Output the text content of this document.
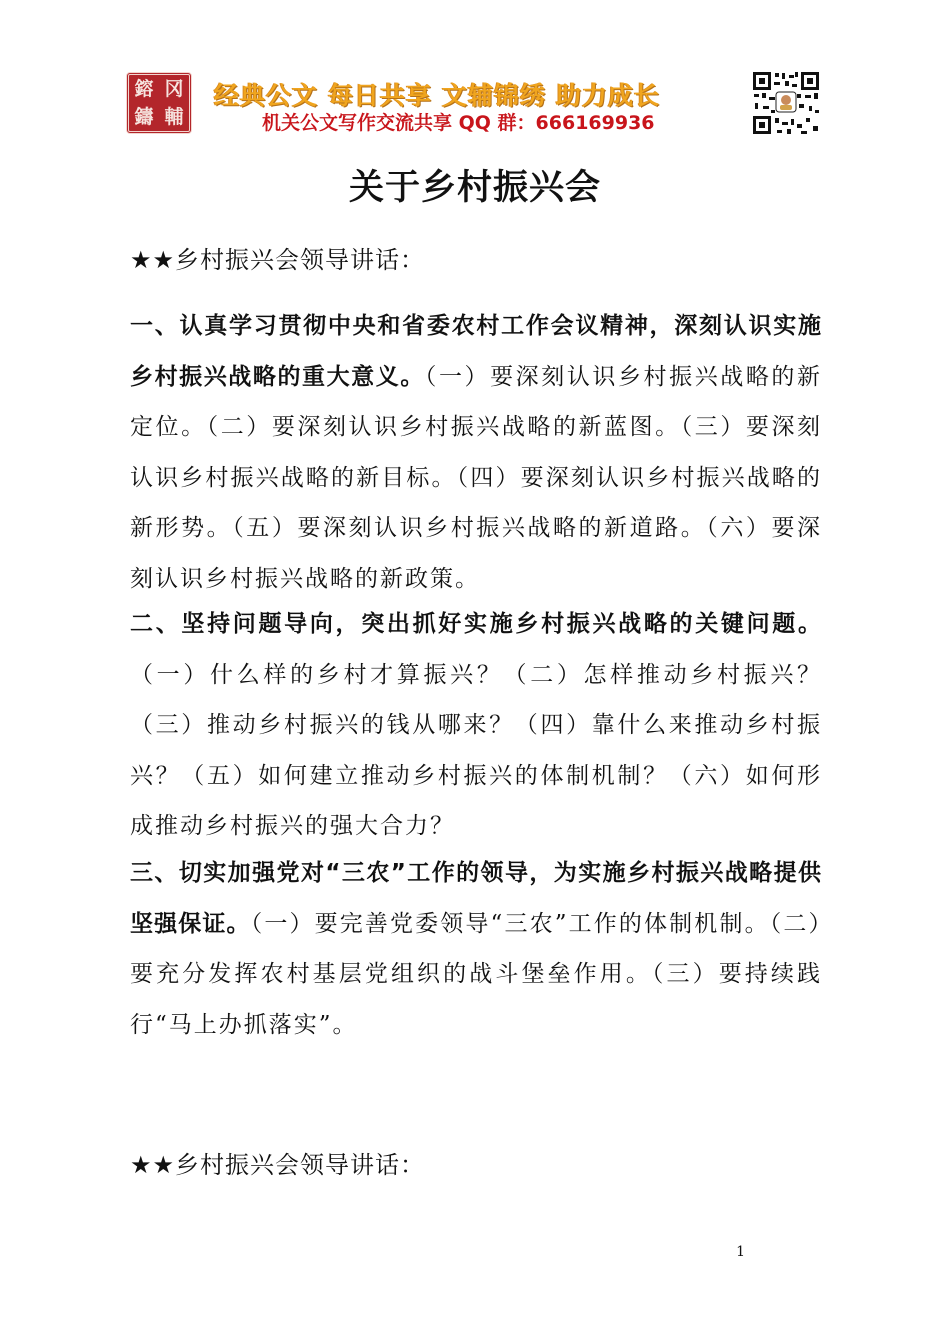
鎔 冈
鑄 輔
经典公文 每日共享 文辅锦绣 助力成长
机关公文写作交流共享 QQ 群：666169936
关于乡村振兴会
★★乡村振兴会领导讲话：
一、认真学习贯彻中央和省委农村工作会议精神，深刻认识实施乡村振兴战略的重大意义。（一）要深刻认识乡村振兴战略的新定位。（二）要深刻认识乡村振兴战略的新蓝图。（三）要深刻认识乡村振兴战略的新目标。（四）要深刻认识乡村振兴战略的新形势。（五）要深刻认识乡村振兴战略的新道路。（六）要深刻认识乡村振兴战略的新政策。
二、坚持问题导向，突出抓好实施乡村振兴战略的关键问题。（一）什么样的乡村才算振兴？（二）怎样推动乡村振兴？（三）推动乡村振兴的钱从哪来？（四）靠什么来推动乡村振兴？（五）如何建立推动乡村振兴的体制机制？（六）如何形成推动乡村振兴的强大合力？
三、切实加强党对“三农”工作的领导，为实施乡村振兴战略提供坚强保证。（一）要完善党委领导“三农”工作的体制机制。（二）要充分发挥农村基层党组织的战斗堡垒作用。（三）要持续践行“马上办抓落实”。
★★乡村振兴会领导讲话：
1
